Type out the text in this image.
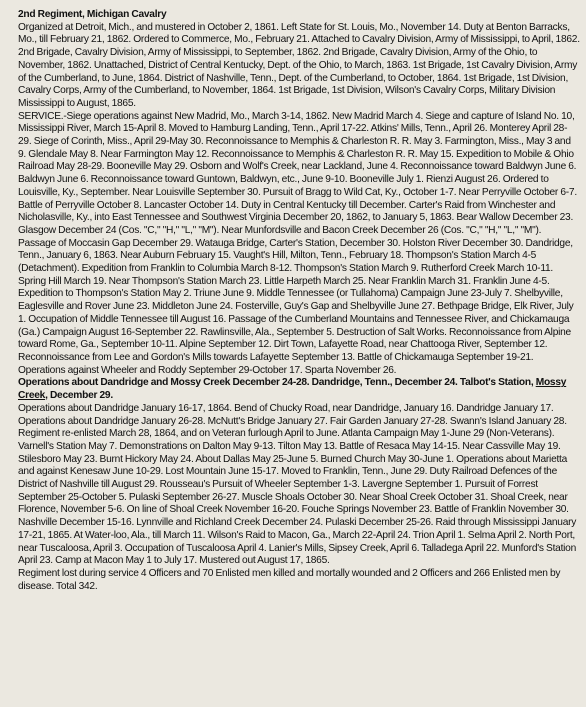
2nd Regiment, Michigan Cavalry

Organized at Detroit, Mich., and mustered in October 2, 1861. Left State for St. Louis, Mo., November 14. Duty at Benton Barracks, Mo., till February 21, 1862. Ordered to Commerce, Mo., February 21. Attached to Cavalry Division, Army of Mississippi, to April, 1862. 2nd Brigade, Cavalry Division, Army of Mississippi, to September, 1862. 2nd Brigade, Cavalry Division, Army of the Ohio, to November, 1862. Unattached, District of Central Kentucky, Dept. of the Ohio, to March, 1863. 1st Brigade, 1st Cavalry Division, Army of the Cumberland, to June, 1864. District of Nashville, Tenn., Dept. of the Cumberland, to October, 1864. 1st Brigade, 1st Division, Cavalry Corps, Army of the Cumberland, to November, 1864. 1st Brigade, 1st Division, Wilson's Cavalry Corps, Military Division Mississippi to August, 1865.

SERVICE.-Siege operations against New Madrid, Mo., March 3-14, 1862. New Madrid March 4. Siege and capture of Island No. 10, Mississippi River, March 15-April 8. Moved to Hamburg Landing, Tenn., April 17-22. Atkins' Mills, Tenn., April 26. Monterey April 28-29. Siege of Corinth, Miss., April 29-May 30. Reconnoissance to Memphis & Charleston R. R. May 3. Farmington, Miss., May 3 and 9. Glendale May 8. Near Farmington May 12. Reconnoissance to Memphis & Charleston R. R. May 15. Expedition to Mobile & Ohio Railroad May 28-29. Booneville May 29. Osborn and Wolf's Creek, near Lackland, June 4. Reconnoissance toward Baldwyn June 6. Baldwyn June 6. Reconnoissance toward Guntown, Baldwyn, etc., June 9-10. Booneville July 1. Rienzi August 26. Ordered to Louisville, Ky., September. Near Louisville September 30. Pursuit of Bragg to Wild Cat, Ky., October 1-7. Near Perryville October 6-7. Battle of Perryville October 8. Lancaster October 14. Duty in Central Kentucky till December. Carter's Raid from Winchester and Nicholasville, Ky., into East Tennessee and Southwest Virginia December 20, 1862, to January 5, 1863. Bear Wallow December 23. Glasgow December 24 (Cos. "C," "H," "L," "M"). Near Munfordsville and Bacon Creek December 26 (Cos. "C," "H," "L," "M"). Passage of Moccasin Gap December 29. Watauga Bridge, Carter's Station, December 30. Holston River December 30. Dandridge, Tenn., January 6, 1863. Near Auburn February 15. Vaught's Hill, Milton, Tenn., February 18. Thompson's Station March 4-5 (Detachment). Expedition from Franklin to Columbia March 8-12. Thompson's Station March 9. Rutherford Creek March 10-11. Spring Hill March 19. Near Thompson's Station March 23. Little Harpeth March 25. Near Franklin March 31. Franklin June 4-5. Expedition to Thompson's Station May 2. Triune June 9. Middle Tennessee (or Tullahoma) Campaign June 23-July 7. Shelbyville, Eaglesville and Rover June 23. Middleton June 24. Fosterville, Guy's Gap and Shelbyville June 27. Bethpage Bridge, Elk River, July 1. Occupation of Middle Tennessee till August 16. Passage of the Cumberland Mountains and Tennessee River, and Chickamauga (Ga.) Campaign August 16-September 22. Rawlinsville, Ala., September 5. Destruction of Salt Works. Reconnoissance from Alpine toward Rome, Ga., September 10-11. Alpine September 12. Dirt Town, Lafayette Road, near Chattooga River, September 12. Reconnoissance from Lee and Gordon's Mills towards Lafayette September 13. Battle of Chickamauga September 19-21. Operations against Wheeler and Roddy September 29-October 17. Sparta November 26.

Operations about Dandridge and Mossy Creek December 24-28. Dandridge, Tenn., December 24. Talbot's Station, Mossy Creek, December 29.

Operations about Dandridge January 16-17, 1864. Bend of Chucky Road, near Dandridge, January 16. Dandridge January 17. Operations about Dandridge January 26-28. McNutt's Bridge January 27. Fair Garden January 27-28. Swann's Island January 28. Regiment re-enlisted March 28, 1864, and on Veteran furlough April to June. Atlanta Campaign May 1-June 29 (Non-Veterans). Varnell's Station May 7. Demonstrations on Dalton May 9-13. Tilton May 13. Battle of Resaca May 14-15. Near Cassville May 19. Stilesboro May 23. Burnt Hickory May 24. About Dallas May 25-June 5. Burned Church May 30-June 1. Operations about Marietta and against Kenesaw June 10-29. Lost Mountain June 15-17. Moved to Franklin, Tenn., June 29. Duty Railroad Defences of the District of Nashville till August 29. Rousseau's Pursuit of Wheeler September 1-3. Lavergne September 1. Pursuit of Forrest September 25-October 5. Pulaski September 26-27. Muscle Shoals October 30. Near Shoal Creek October 31. Shoal Creek, near Florence, November 5-6. On line of Shoal Creek November 16-20. Fouche Springs November 23. Battle of Franklin November 30. Nashville December 15-16. Lynnville and Richland Creek December 24. Pulaski December 25-26. Raid through Mississippi January 17-21, 1865. At Water-loo, Ala., till March 11. Wilson's Raid to Macon, Ga., March 22-April 24. Trion April 1. Selma April 2. North Port, near Tuscaloosa, April 3. Occupation of Tuscaloosa April 4. Lanier's Mills, Sipsey Creek, April 6. Talladega April 22. Munford's Station April 23. Camp at Macon May 1 to July 17. Mustered out August 17, 1865.

Regiment lost during service 4 Officers and 70 Enlisted men killed and mortally wounded and 2 Officers and 266 Enlisted men by disease. Total 342.
